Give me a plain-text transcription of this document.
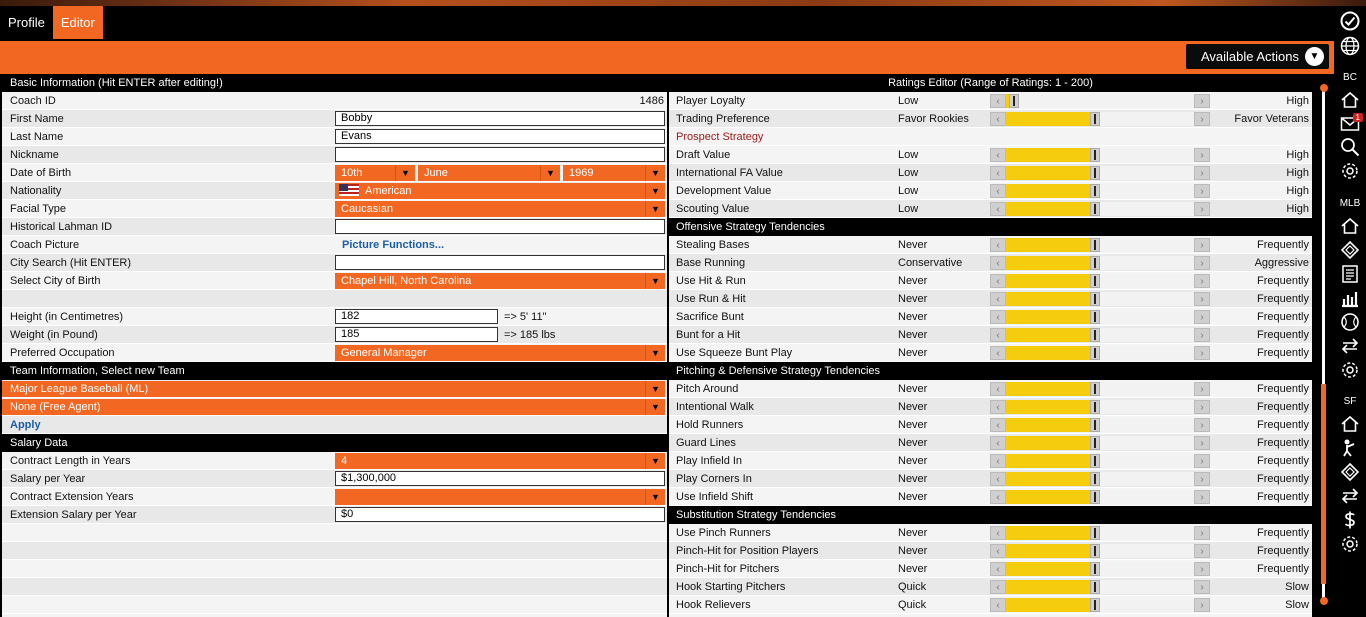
Profile	Editor
Available Actions	▼
Basic Information (Hit ENTER after editing!)
Coach ID	1486
First Name	Bobby
Last Name	Evans
Nickname
Date of Birth	10th	▼	June	▼	1969	▼
Nationality	American	▼
Facial Type	Caucasian	▼
Historical Lahman ID
Coach Picture	Picture Functions...
City Search (Hit ENTER)
Select City of Birth	Chapel Hill, North Carolina	▼
Height (in Centimetres)	182	=> 5' 11"
Weight (in Pound)	185	=> 185 lbs
Preferred Occupation	General Manager	▼
Team Information, Select new Team
Major League Baseball (ML)	▼
None (Free Agent)	▼
Apply
Salary Data
Contract Length in Years	4	▼
Salary per Year	$1,300,000
Contract Extension Years	▼
Extension Salary per Year	$0
Ratings Editor (Range of Ratings: 1 - 200)
Player Loyalty	Low	‹	›	High
Trading Preference	Favor Rookies	‹	›	Favor Veterans
Prospect Strategy
Draft Value	Low	‹	›	High
International FA Value	Low	‹	›	High
Development Value	Low	‹	›	High
Scouting Value	Low	‹	›	High
Offensive Strategy Tendencies
Stealing Bases	Never	‹	›	Frequently
Base Running	Conservative	‹	›	Aggressive
Use Hit & Run	Never	‹	›	Frequently
Use Run & Hit	Never	‹	›	Frequently
Sacrifice Bunt	Never	‹	›	Frequently
Bunt for a Hit	Never	‹	›	Frequently
Use Squeeze Bunt Play	Never	‹	›	Frequently
Pitching & Defensive Strategy Tendencies
Pitch Around	Never	‹	›	Frequently
Intentional Walk	Never	‹	›	Frequently
Hold Runners	Never	‹	›	Frequently
Guard Lines	Never	‹	›	Frequently
Play Infield In	Never	‹	›	Frequently
Play Corners In	Never	‹	›	Frequently
Use Infield Shift	Never	‹	›	Frequently
Substitution Strategy Tendencies
Use Pinch Runners	Never	‹	›	Frequently
Pinch-Hit for Position Players	Never	‹	›	Frequently
Pinch-Hit for Pitchers	Never	‹	›	Frequently
Hook Starting Pitchers	Quick	‹	›	Slow
Hook Relievers	Quick	‹	›	Slow
BC
1
MLB
SF
